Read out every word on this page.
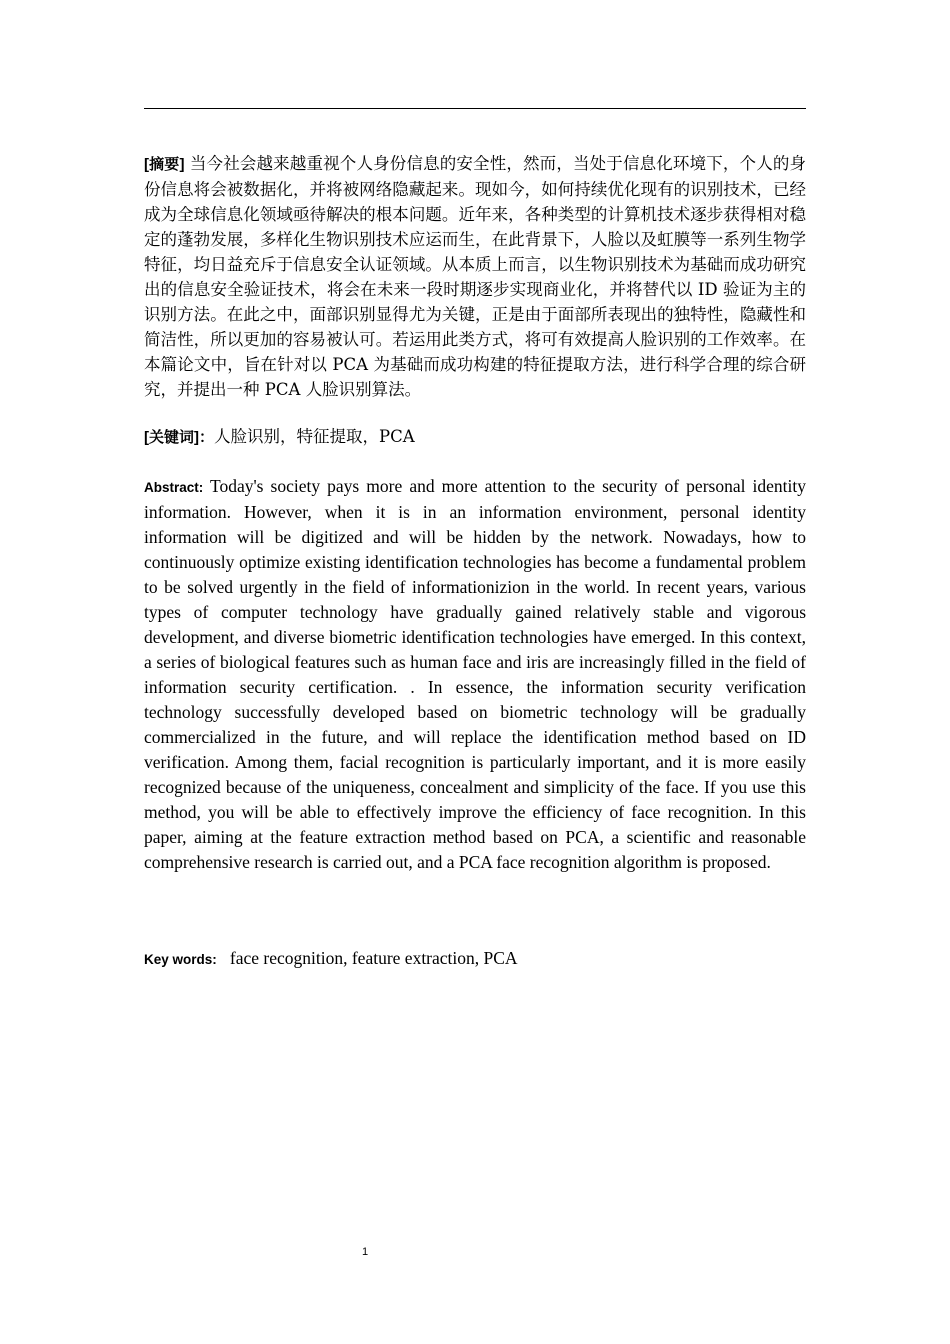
[摘要] 当今社会越来越重视个人身份信息的安全性，然而，当处于信息化环境下，个人的身份信息将会被数据化，并将被网络隐藏起来。现如今，如何持续优化现有的识别技术，已经成为全球信息化领域亟待解决的根本问题。近年来，各种类型的计算机技术逐步获得相对稳定的蓬勃发展，多样化生物识别技术应运而生，在此背景下，人脸以及虹膜等一系列生物学特征，均日益充斥于信息安全认证领域。从本质上而言，以生物识别技术为基础而成功研究出的信息安全验证技术，将会在未来一段时期逐步实现商业化，并将替代以 ID 验证为主的识别方法。在此之中，面部识别显得尤为关键，正是由于面部所表现出的独特性，隐藏性和简洁性，所以更加的容易被认可。若运用此类方式，将可有效提高人脸识别的工作效率。在本篇论文中，旨在针对以 PCA 为基础而成功构建的特征提取方法，进行科学合理的综合研究，并提出一种 PCA 人脸识别算法。

[关键词]：人脸识别，特征提取，PCA

Abstract: Today's society pays more and more attention to the security of personal identity information. However, when it is in an information environment, personal identity information will be digitized and will be hidden by the network. Nowadays, how to continuously optimize existing identification technologies has become a fundamental problem to be solved urgently in the field of informationizion in the world. In recent years, various types of computer technology have gradually gained relatively stable and vigorous development, and diverse biometric identification technologies have emerged. In this context, a series of biological features such as human face and iris are increasingly filled in the field of information security certification. . In essence, the information security verification technology successfully developed based on biometric technology will be gradually commercialized in the future, and will replace the identification method based on ID verification. Among them, facial recognition is particularly important, and it is more easily recognized because of the uniqueness, concealment and simplicity of the face. If you use this method, you will be able to effectively improve the efficiency of face recognition. In this paper, aiming at the feature extraction method based on PCA, a scientific and reasonable comprehensive research is carried out, and a PCA face recognition algorithm is proposed.

Key words: face recognition, feature extraction, PCA

1
